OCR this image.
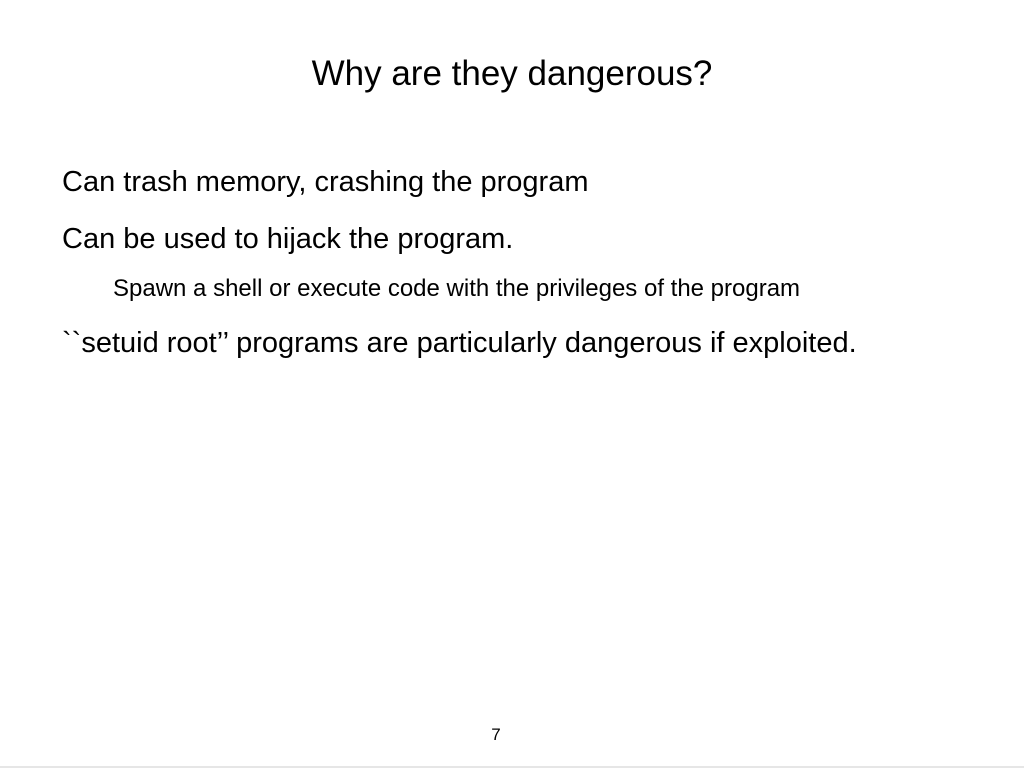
Why are they dangerous?
Can trash memory, crashing the program
Can be used to hijack the program.
Spawn a shell or execute code with the privileges of the program
``setuid root’’ programs are particularly dangerous if exploited.
7
